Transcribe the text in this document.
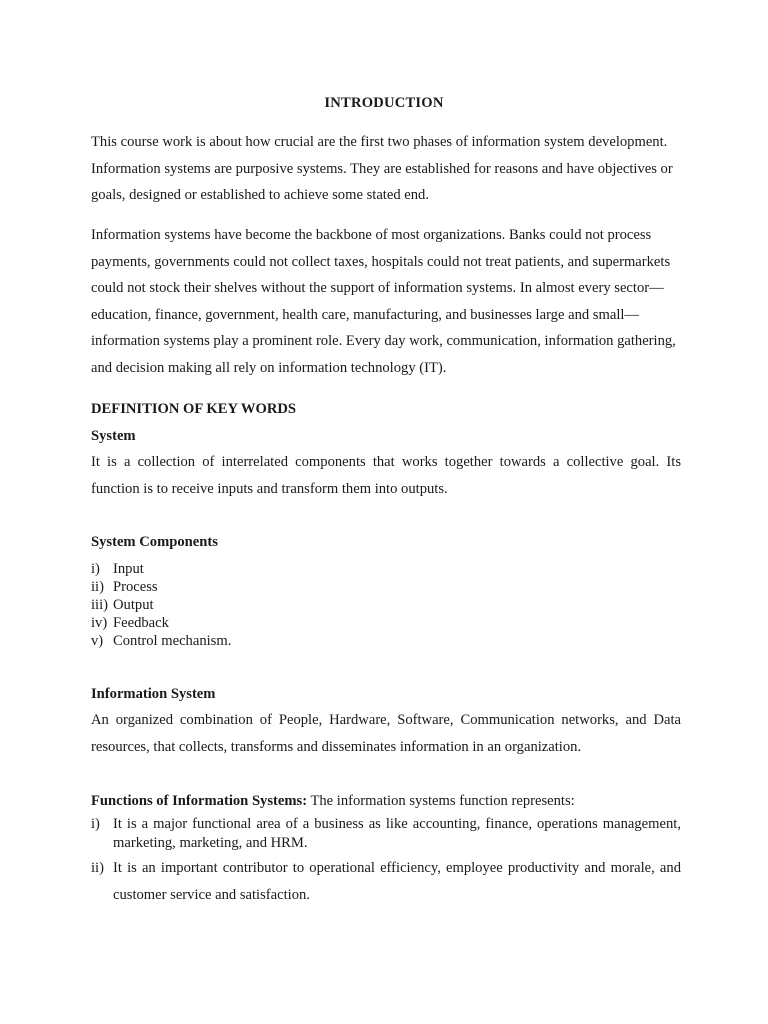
INTRODUCTION

This course work is about how crucial are the first two phases of information system development. Information systems are purposive systems. They are established for reasons and have objectives or goals, designed or established to achieve some stated end.

Information systems have become the backbone of most organizations. Banks could not process payments, governments could not collect taxes, hospitals could not treat patients, and supermarkets could not stock their shelves without the support of information systems. In almost every sector—education, finance, government, health care, manufacturing, and businesses large and small—information systems play a prominent role. Every day work, communication, information gathering, and decision making all rely on information technology (IT).

DEFINITION OF KEY WORDS

System

It is a collection of interrelated components that works together towards a collective goal. Its function is to receive inputs and transform them into outputs.

System Components

i) Input
ii) Process
iii) Output
iv) Feedback
v) Control mechanism.

Information System

An organized combination of People, Hardware, Software, Communication networks, and Data resources, that collects, transforms and disseminates information in an organization.

Functions of Information Systems: The information systems function represents:

i) It is a major functional area of a business as like accounting, finance, operations management, marketing, marketing, and HRM.
ii) It is an important contributor to operational efficiency, employee productivity and morale, and customer service and satisfaction.
